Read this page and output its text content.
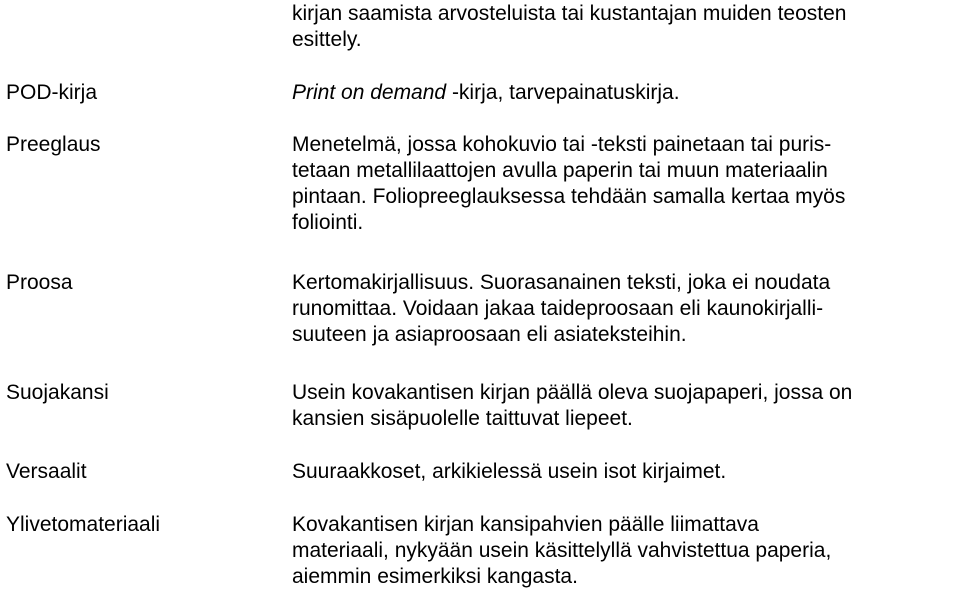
kirjan saamista arvosteluista tai kustantajan muiden teosten
esittely.
POD-kirja	Print on demand -kirja, tarvepainatuskirja.
Preeglaus	Menetelmä, jossa kohokuvio tai -teksti painetaan tai puris-
tetaan metallilaattojen avulla paperin tai muun materiaalin
pintaan. Foliopreeglauksessa tehdään samalla kertaa myös
foliointi.
Proosa	Kertomakirjallisuus. Suorasanainen teksti, joka ei noudata
runomittaa. Voidaan jakaa taideproosaan eli kaunokirjalli-
suuteen ja asiaproosaan eli asiateksteihin.
Suojakansi	Usein kovakantisen kirjan päällä oleva suojapaperi, jossa on
kansien sisäpuolelle taittuvat liepeet.
Versaalit	Suuraakkoset, arkikielessä usein isot kirjaimet.
Ylivetomateriaali	Kovakantisen kirjan kansipahvien päälle liimattava
materiaali, nykyään usein käsittelyllä vahvistettua paperia,
aiemmin esimerkiksi kangasta.
